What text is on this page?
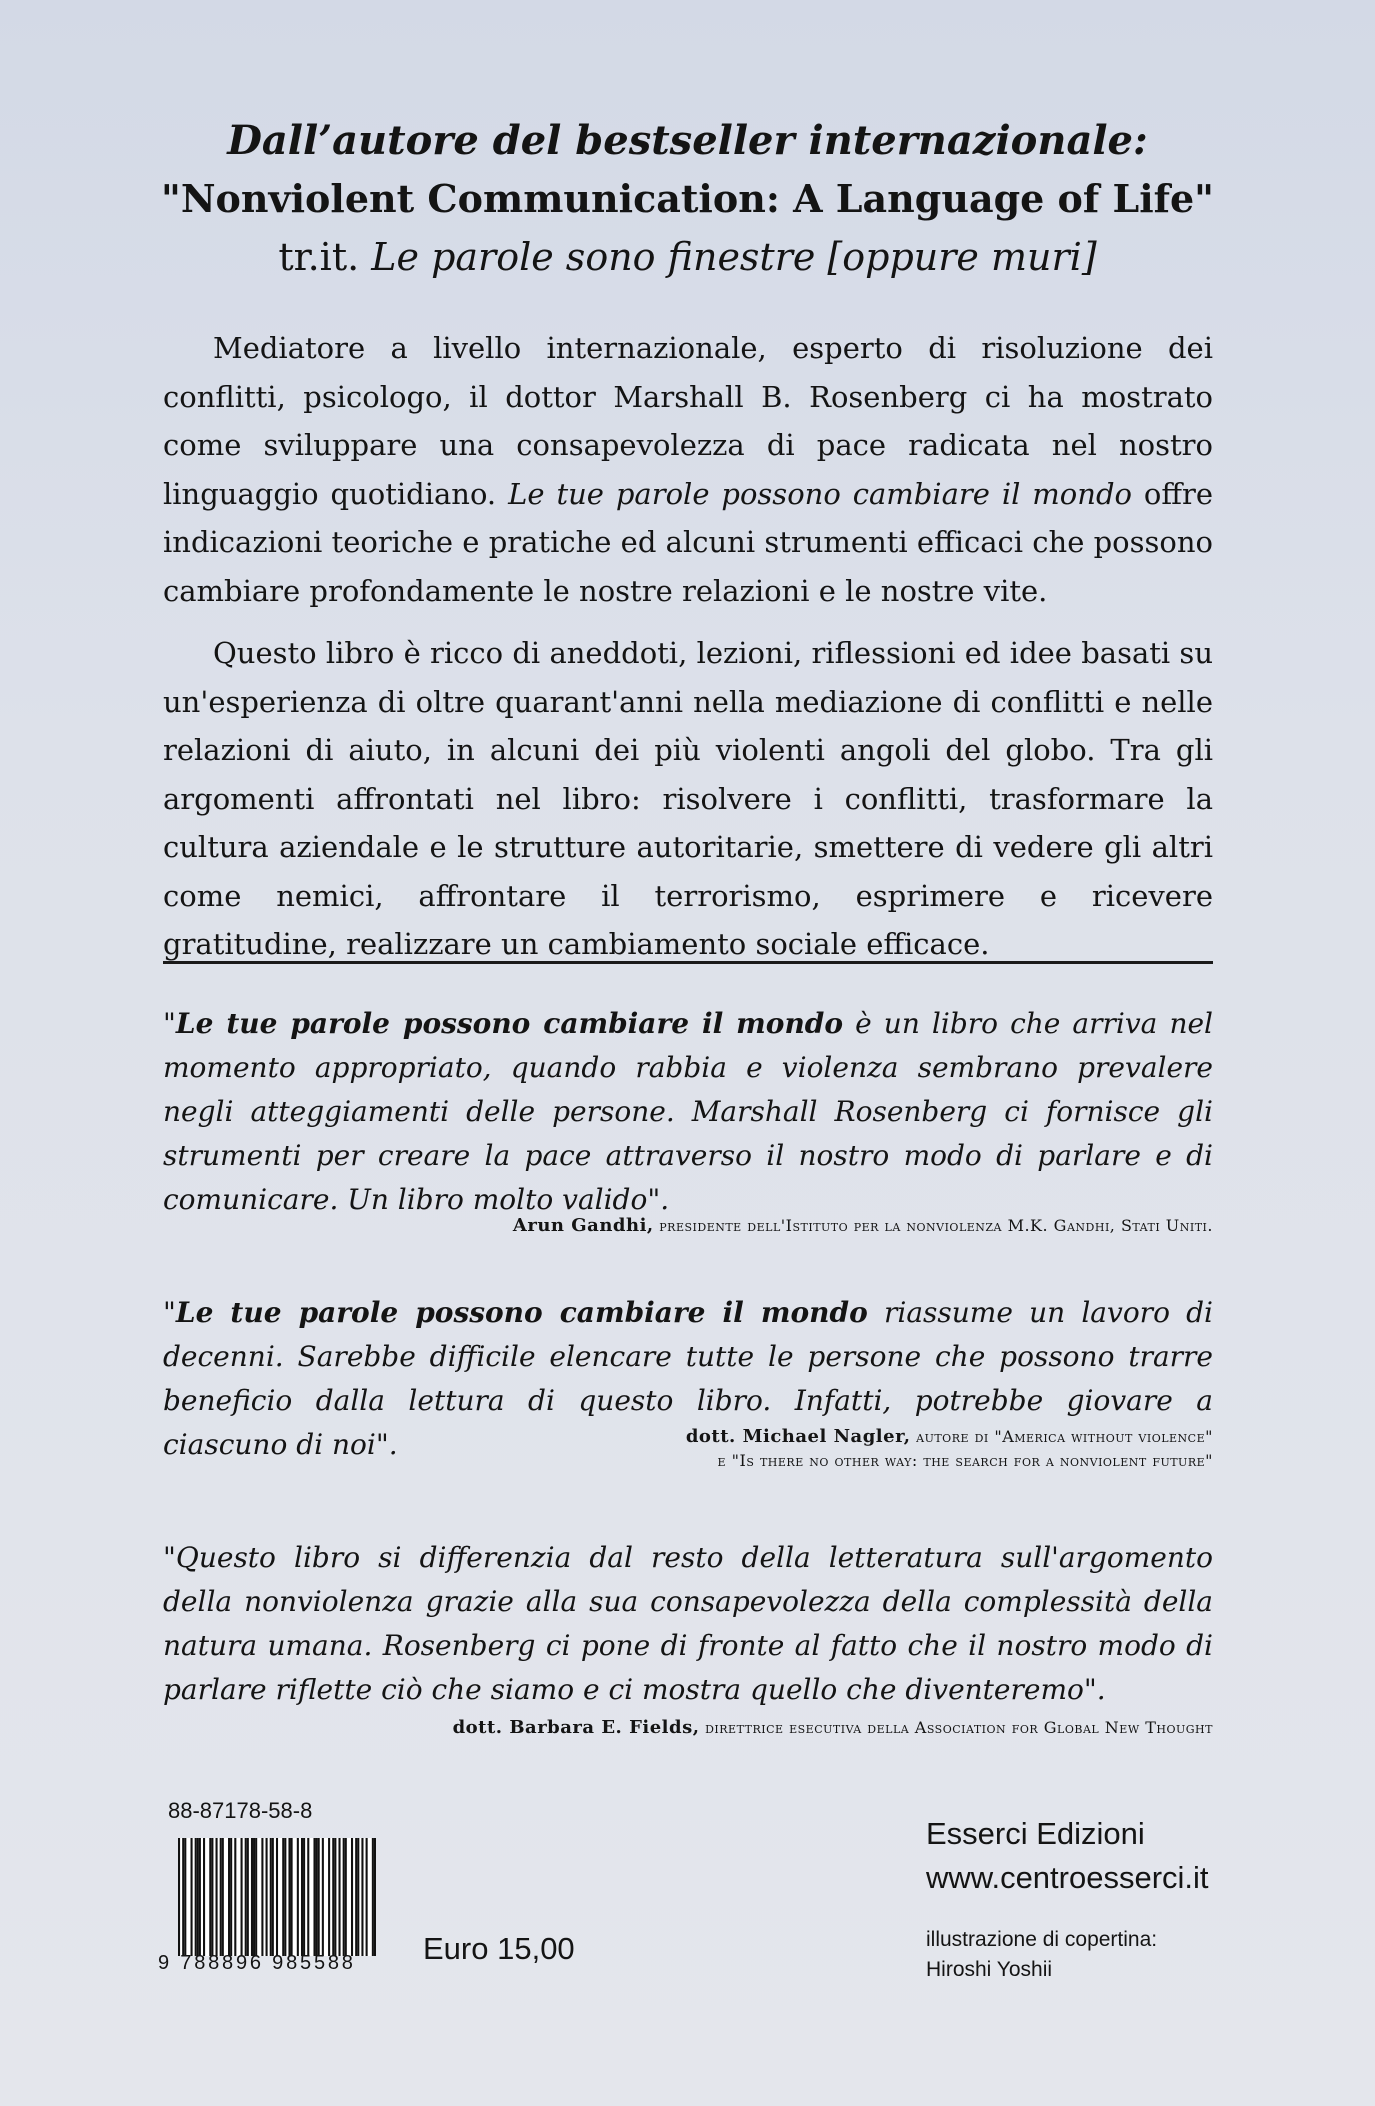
Dall’autore del bestseller internazionale:
"Nonviolent Communication: A Language of Life"
tr.it. Le parole sono finestre [oppure muri]

Mediatore a livello internazionale, esperto di risoluzione dei conflitti, psicologo, il dottor Marshall B. Rosenberg ci ha mostrato come sviluppare una consapevolezza di pace radicata nel nostro linguaggio quotidiano. Le tue parole possono cambiare il mondo offre indicazioni teoriche e pratiche ed alcuni strumenti efficaci che possono cambiare profondamente le nostre relazioni e le nostre vite.

Questo libro è ricco di aneddoti, lezioni, riflessioni ed idee basati su un'esperienza di oltre quarant'anni nella mediazione di conflitti e nelle relazioni di aiuto, in alcuni dei più violenti angoli del globo. Tra gli argomenti affrontati nel libro: risolvere i conflitti, trasformare la cultura aziendale e le strutture autoritarie, smettere di vedere gli altri come nemici, affrontare il terrorismo, esprimere e ricevere gratitudine, realizzare un cambiamento sociale efficace.

"Le tue parole possono cambiare il mondo è un libro che arriva nel momento appropriato, quando rabbia e violenza sembrano prevalere negli atteggiamenti delle persone. Marshall Rosenberg ci fornisce gli strumenti per creare la pace attraverso il nostro modo di parlare e di comunicare. Un libro molto valido".
Arun Gandhi, presidente dell'Istituto per la nonviolenza M.K. Gandhi, Stati Uniti.
"Le tue parole possono cambiare il mondo riassume un lavoro di decenni. Sarebbe difficile elencare tutte le persone che possono trarre beneficio dalla lettura di questo libro. Infatti, potrebbe giovare a ciascuno di noi".	dott. Michael Nagler, autore di "America without violence"
e "Is there no other way: the search for a nonviolent future"
"Questo libro si differenzia dal resto della letteratura sull'argomento della nonviolenza grazie alla sua consapevolezza della complessità della natura umana. Rosenberg ci pone di fronte al fatto che il nostro modo di parlare riflette ciò che siamo e ci mostra quello che diventeremo".
dott. Barbara E. Fields, direttrice esecutiva della Association for Global New Thought
88-87178-58-8
9 788896 985588 Euro 15,00
Esserci Edizioni
www.centroesserci.it
illustrazione di copertina:
Hiroshi Yoshii
